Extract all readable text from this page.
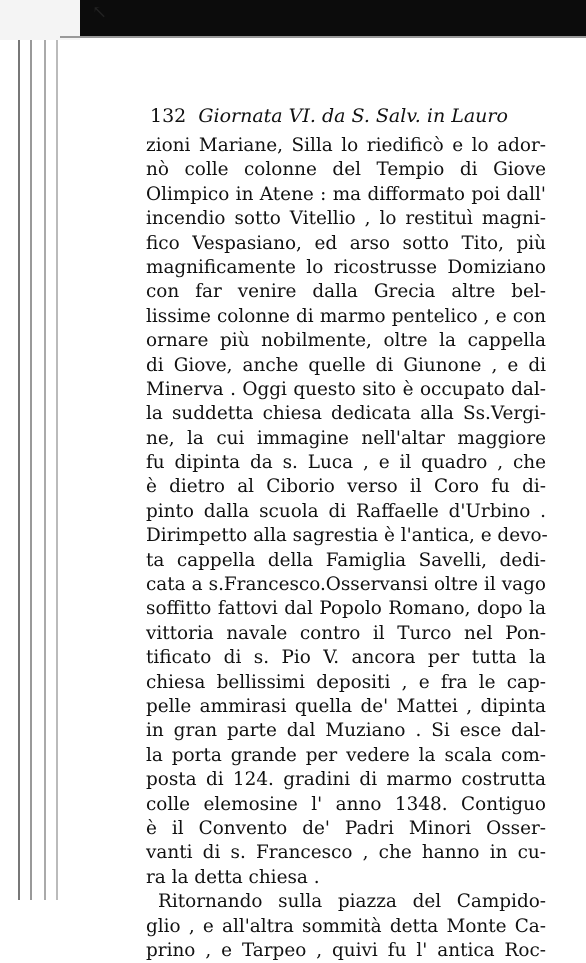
↖
132 Giornata VI. da S. Salv. in Lauro
zioni Mariane, Silla lo riedificò e lo ador-
nò colle colonne del Tempio di Giove
Olimpico in Atene : ma difformato poi dall'
incendio sotto Vitellio , lo restituì magni-
fico Vespasiano, ed arso sotto Tito, più
magnificamente lo ricostrusse Domiziano
con far venire dalla Grecia altre bel-
lissime colonne di marmo pentelico , e con
ornare più nobilmente, oltre la cappella
di Giove, anche quelle di Giunone , e di
Minerva . Oggi questo sito è occupato dal-
la suddetta chiesa dedicata alla Ss.Vergi-
ne, la cui immagine nell'altar maggiore
fu dipinta da s. Luca , e il quadro , che
è dietro al Ciborio verso il Coro fu di-
pinto dalla scuola di Raffaelle d'Urbino .
Dirimpetto alla sagrestia è l'antica, e devo-
ta cappella della Famiglia Savelli, dedi-
cata a s.Francesco.Osservansi oltre il vago
soffitto fattovi dal Popolo Romano, dopo la
vittoria navale contro il Turco nel Pon-
tificato di s. Pio V. ancora per tutta la
chiesa bellissimi depositi , e fra le cap-
pelle ammirasi quella de' Mattei , dipinta
in gran parte dal Muziano . Si esce dal-
la porta grande per vedere la scala com-
posta di 124. gradini di marmo costrutta
colle elemosine l' anno 1348. Contiguo
è il Convento de' Padri Minori Osser-
vanti di s. Francesco , che hanno in cu-
ra la detta chiesa .
Ritornando sulla piazza del Campido-
glio , e all'altra sommità detta Monte Ca-
prino , e Tarpeo , quivi fu l' antica Roc-
